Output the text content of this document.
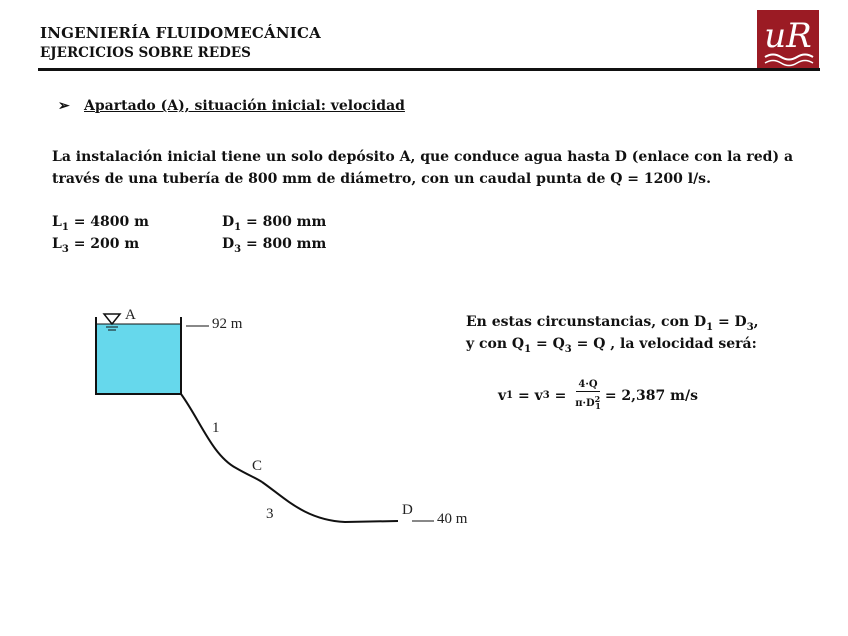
INGENIERÍA FLUIDOMECÁNICA
EJERCICIOS SOBRE REDES	uR
➢ Apartado (A), situación inicial: velocidad
La instalación inicial tiene un solo depósito A, que conduce agua hasta D (enlace con la red) a
través de una tubería de 800 mm de diámetro, con un caudal punta de Q = 1200 l/s.
$L_1 = 4800$ m	$D_1 = 800$ mm
$L_3 = 200$ m	$D_3 = 800$ mm
A
92 m
1
C
3	D
40 m
En estas circunstancias, con $D_1 = D_3$,
y con $Q_1 = Q_3 = Q$ , la velocidad será:
v 1 = v $3 = \frac{4\cdot Q}{\pi\cdot D^2_1} = 2,387$ m/s
